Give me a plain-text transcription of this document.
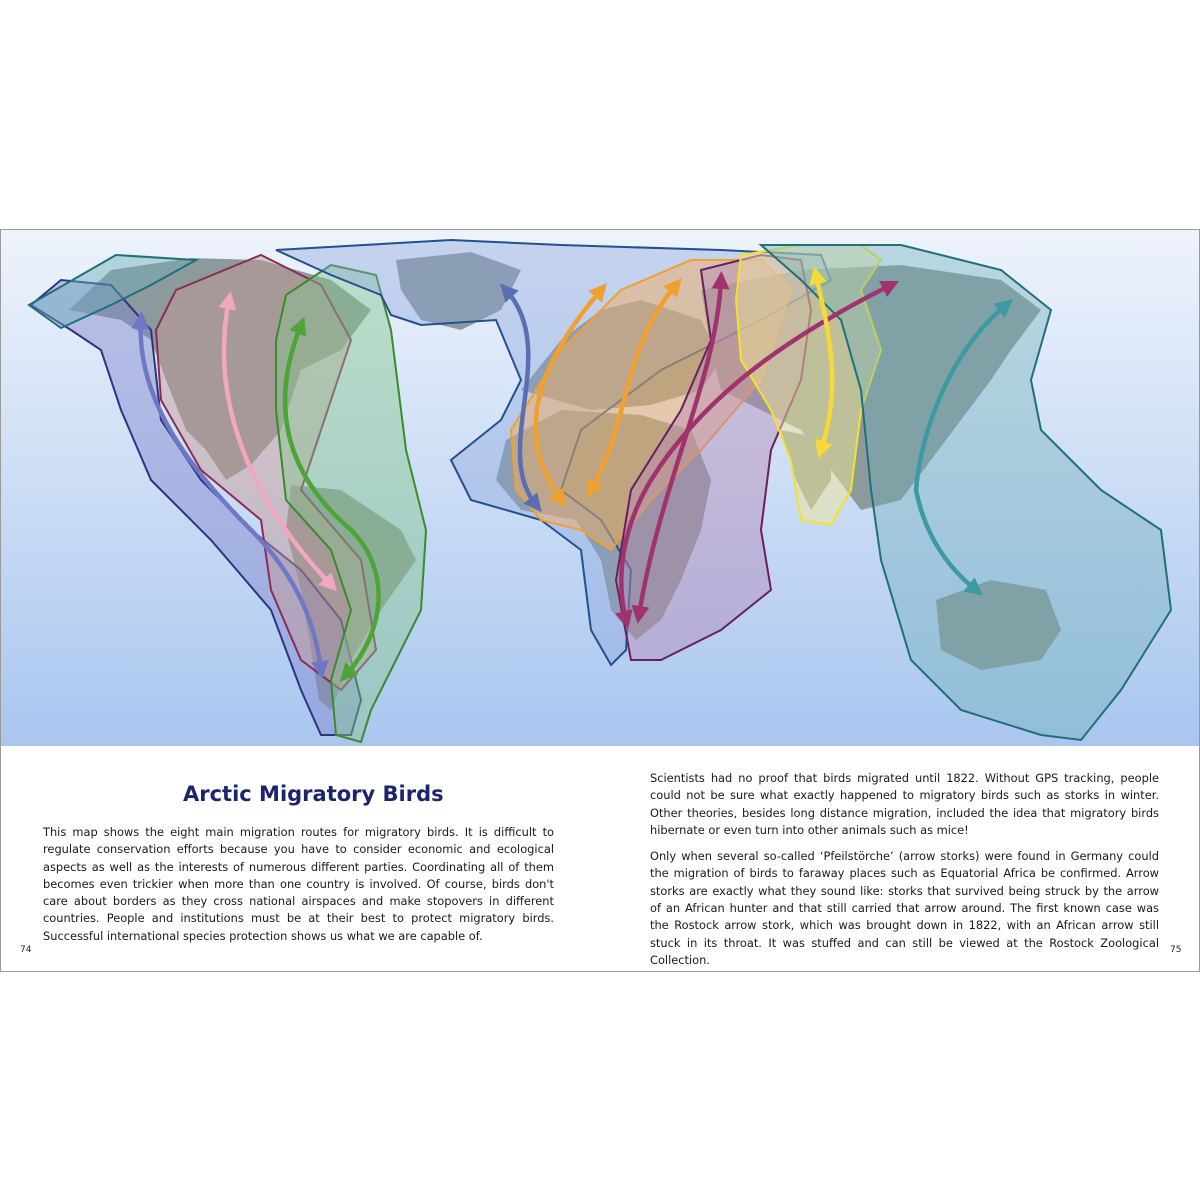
Arctic Migratory Birds

This map shows the eight main migration routes for migratory birds. It is difficult to regulate conservation efforts because you have to consider economic and ecological aspects as well as the interests of numerous different parties. Coordinating all of them becomes even trickier when more than one country is involved. Of course, birds don't care about borders as they cross national airspaces and make stopovers in different countries. People and institutions must be at their best to protect migratory birds. Successful international species protection shows us what we are capable of.

Scientists had no proof that birds migrated until 1822. Without GPS tracking, people could not be sure what exactly happened to migratory birds such as storks in winter. Other theories, besides long distance migration, included the idea that migratory birds hibernate or even turn into other animals such as mice!

Only when several so-called ‘Pfeilstörche’ (arrow storks) were found in Germany could the migration of birds to faraway places such as Equatorial Africa be confirmed. Arrow storks are exactly what they sound like: storks that survived being struck by the arrow of an African hunter and that still carried that arrow around. The first known case was the Rostock arrow stork, which was brought down in 1822, with an African arrow still stuck in its throat. It was stuffed and can still be viewed at the Rostock Zoological Collection.

74	75
